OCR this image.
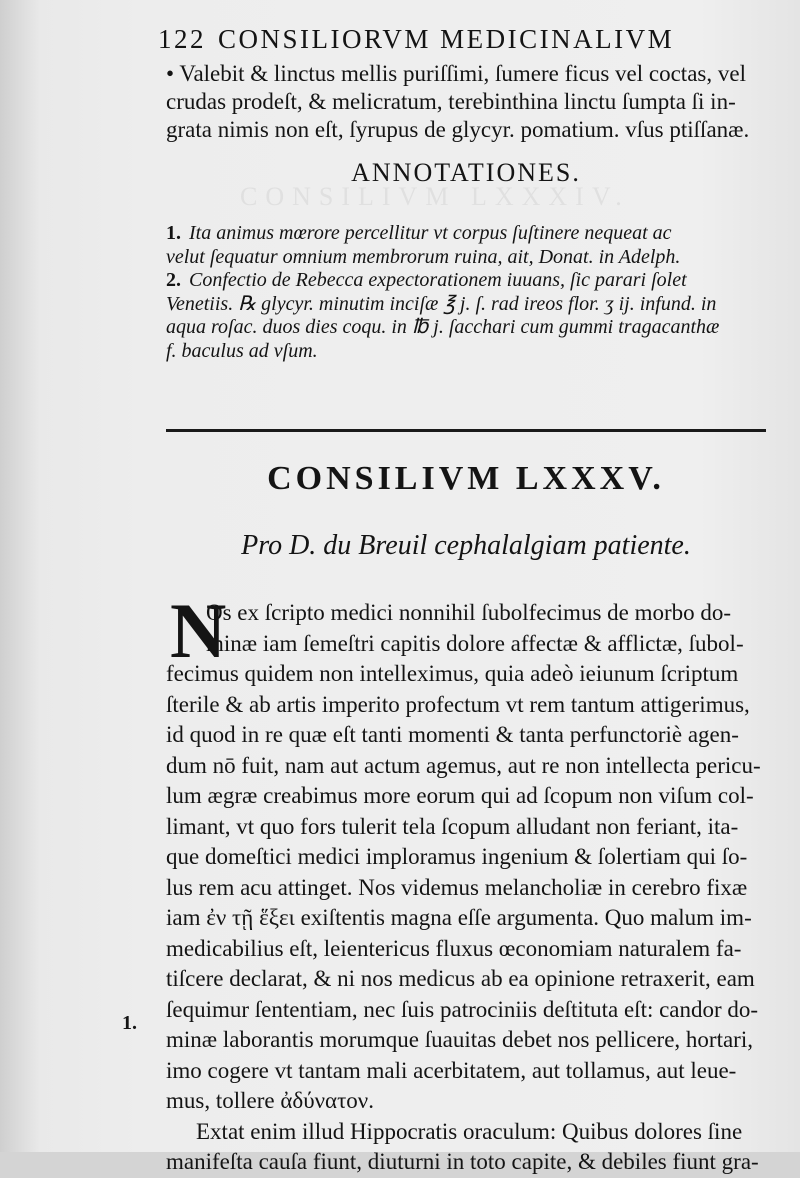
CONSILIVM LXXXIV.
122 CONSILIORVM MEDICINALIVM
• Valebit & linctus mellis puriſſimi, ſumere ficus vel coctas, vel
crudas prodeſt, & melicratum, terebinthina linctu ſumpta ſi in-
grata nimis non eſt, ſyrupus de glycyr. pomatium. vſus ptiſſanæ.
ANNOTATIONES.
1. Ita animus mœrore percellitur vt corpus ſuſtinere nequeat ac
velut ſequatur omnium membrorum ruina, ait, Donat. in Adelph.
2. Confectio de Rebecca expectorationem iuuans, ſic parari ſolet
Venetiis. ℞ glycyr. minutim inciſæ ℥ j. ſ. rad ireos flor. ʒ ij. infund. in
aqua roſac. duos dies coqu. in ℔ j. ſacchari cum gummi tragacanthæ
f. baculus ad vſum.
CONSILIVM LXXXV.
Pro D. du Breuil cephalalgiam patiente.
N
Os ex ſcripto medici nonnihil ſubolfecimus de morbo do-
minæ iam ſemeſtri capitis dolore affectæ & afflictæ, ſubol-
fecimus quidem non intelleximus, quia adeò ieiunum ſcriptum
ſterile & ab artis imperito profectum vt rem tantum attigerimus,
id quod in re quæ eſt tanti momenti & tanta perfunctoriè agen-
dum nō fuit, nam aut actum agemus, aut re non intellecta pericu-
lum ægræ creabimus more eorum qui ad ſcopum non viſum col-
limant, vt quo fors tulerit tela ſcopum alludant non feriant, ita-
que domeſtici medici imploramus ingenium & ſolertiam qui ſo-
lus rem acu attinget. Nos videmus melancholiæ in cerebro fixæ
iam ἐν τῇ ἕξει exiſtentis magna eſſe argumenta. Quo malum im-
medicabilius eſt, leientericus fluxus œconomiam naturalem fa-
tiſcere declarat, & ni nos medicus ab ea opinione retraxerit, eam
ſequimur ſententiam, nec ſuis patrociniis deſtituta eſt: candor do-
minæ laborantis morumque ſuauitas debet nos pellicere, hortari,
imo cogere vt tantam mali acerbitatem, aut tollamus, aut leue-
mus, tollere ἀδύνατον.
Extat enim illud Hippocratis oraculum: Quibus dolores ſine
manifeſta cauſa fiunt, diuturni in toto capite, & debiles fiunt gra-
1.
